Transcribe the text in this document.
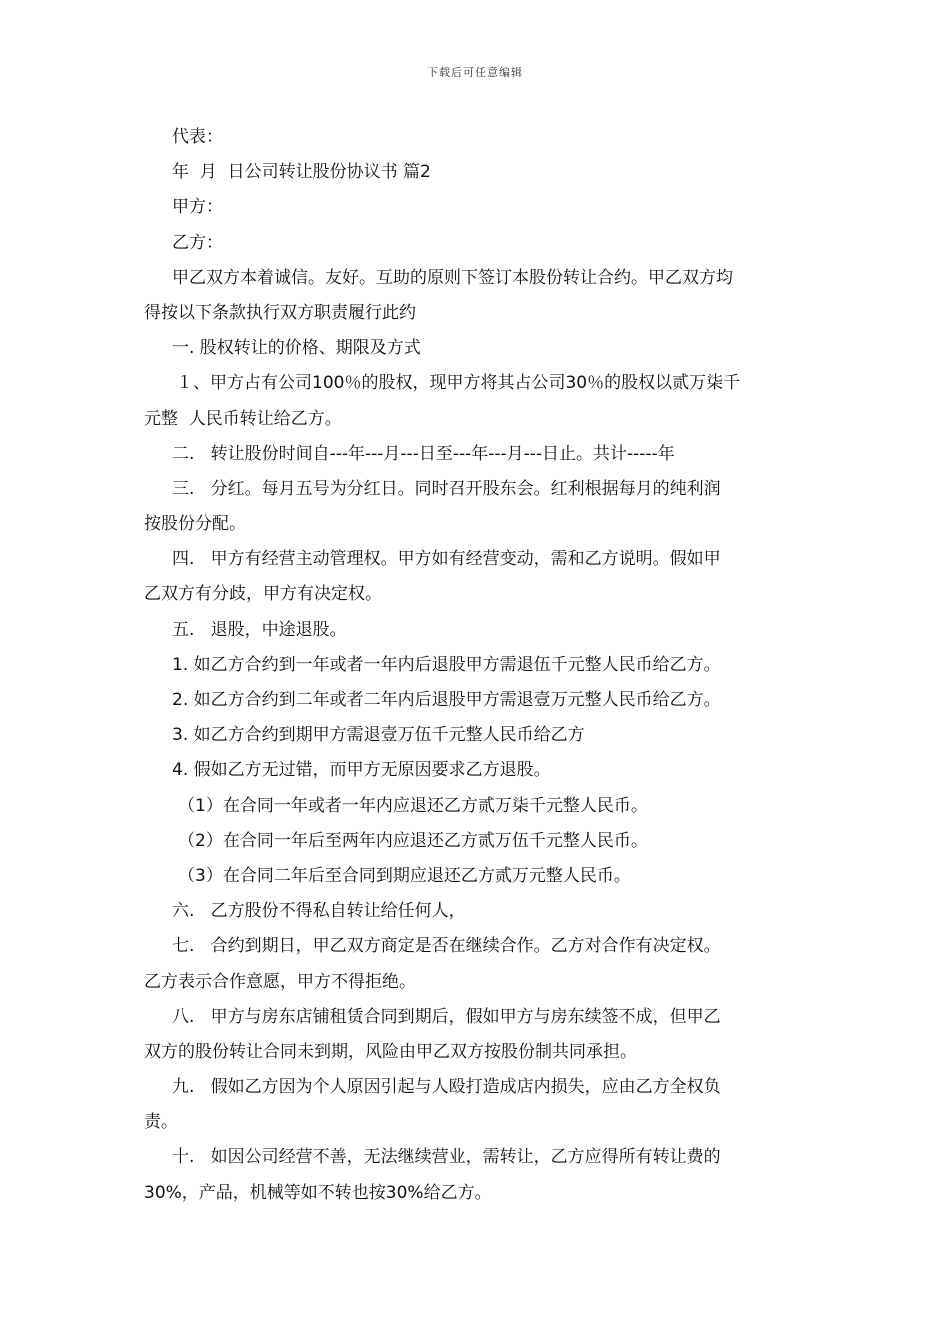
下载后可任意编辑
代表：
年  月  日公司转让股份协议书 篇2
甲方：
乙方：
甲乙双方本着诚信。友好。互助的原则下签订本股份转让合约。甲乙双方均
得按以下条款执行双方职责履行此约
一. 股权转让的价格、期限及方式
１、甲方占有公司100％的股权，现甲方将其占公司30％的股权以贰万柒千
元整  人民币转让给乙方。
二.   转让股份时间自---年---月---日至---年---月---日止。共计-----年
三.   分红。每月五号为分红日。同时召开股东会。红利根据每月的纯利润
按股份分配。
四.   甲方有经营主动管理权。甲方如有经营变动，需和乙方说明。假如甲
乙双方有分歧，甲方有决定权。
五.   退股，中途退股。
1. 如乙方合约到一年或者一年内后退股甲方需退伍千元整人民币给乙方。
2. 如乙方合约到二年或者二年内后退股甲方需退壹万元整人民币给乙方。
3. 如乙方合约到期甲方需退壹万伍千元整人民币给乙方
4. 假如乙方无过错，而甲方无原因要求乙方退股。
（1）在合同一年或者一年内应退还乙方贰万柒千元整人民币。
（2）在合同一年后至两年内应退还乙方贰万伍千元整人民币。
（3）在合同二年后至合同到期应退还乙方贰万元整人民币。
六.   乙方股份不得私自转让给任何人，
七.   合约到期日，甲乙双方商定是否在继续合作。乙方对合作有决定权。
乙方表示合作意愿，甲方不得拒绝。
八.   甲方与房东店铺租赁合同到期后，假如甲方与房东续签不成，但甲乙
双方的股份转让合同未到期，风险由甲乙双方按股份制共同承担。
九.   假如乙方因为个人原因引起与人殴打造成店内损失，应由乙方全权负
责。
十.   如因公司经营不善，无法继续营业，需转让，乙方应得所有转让费的
30%，产品，机械等如不转也按30%给乙方。
